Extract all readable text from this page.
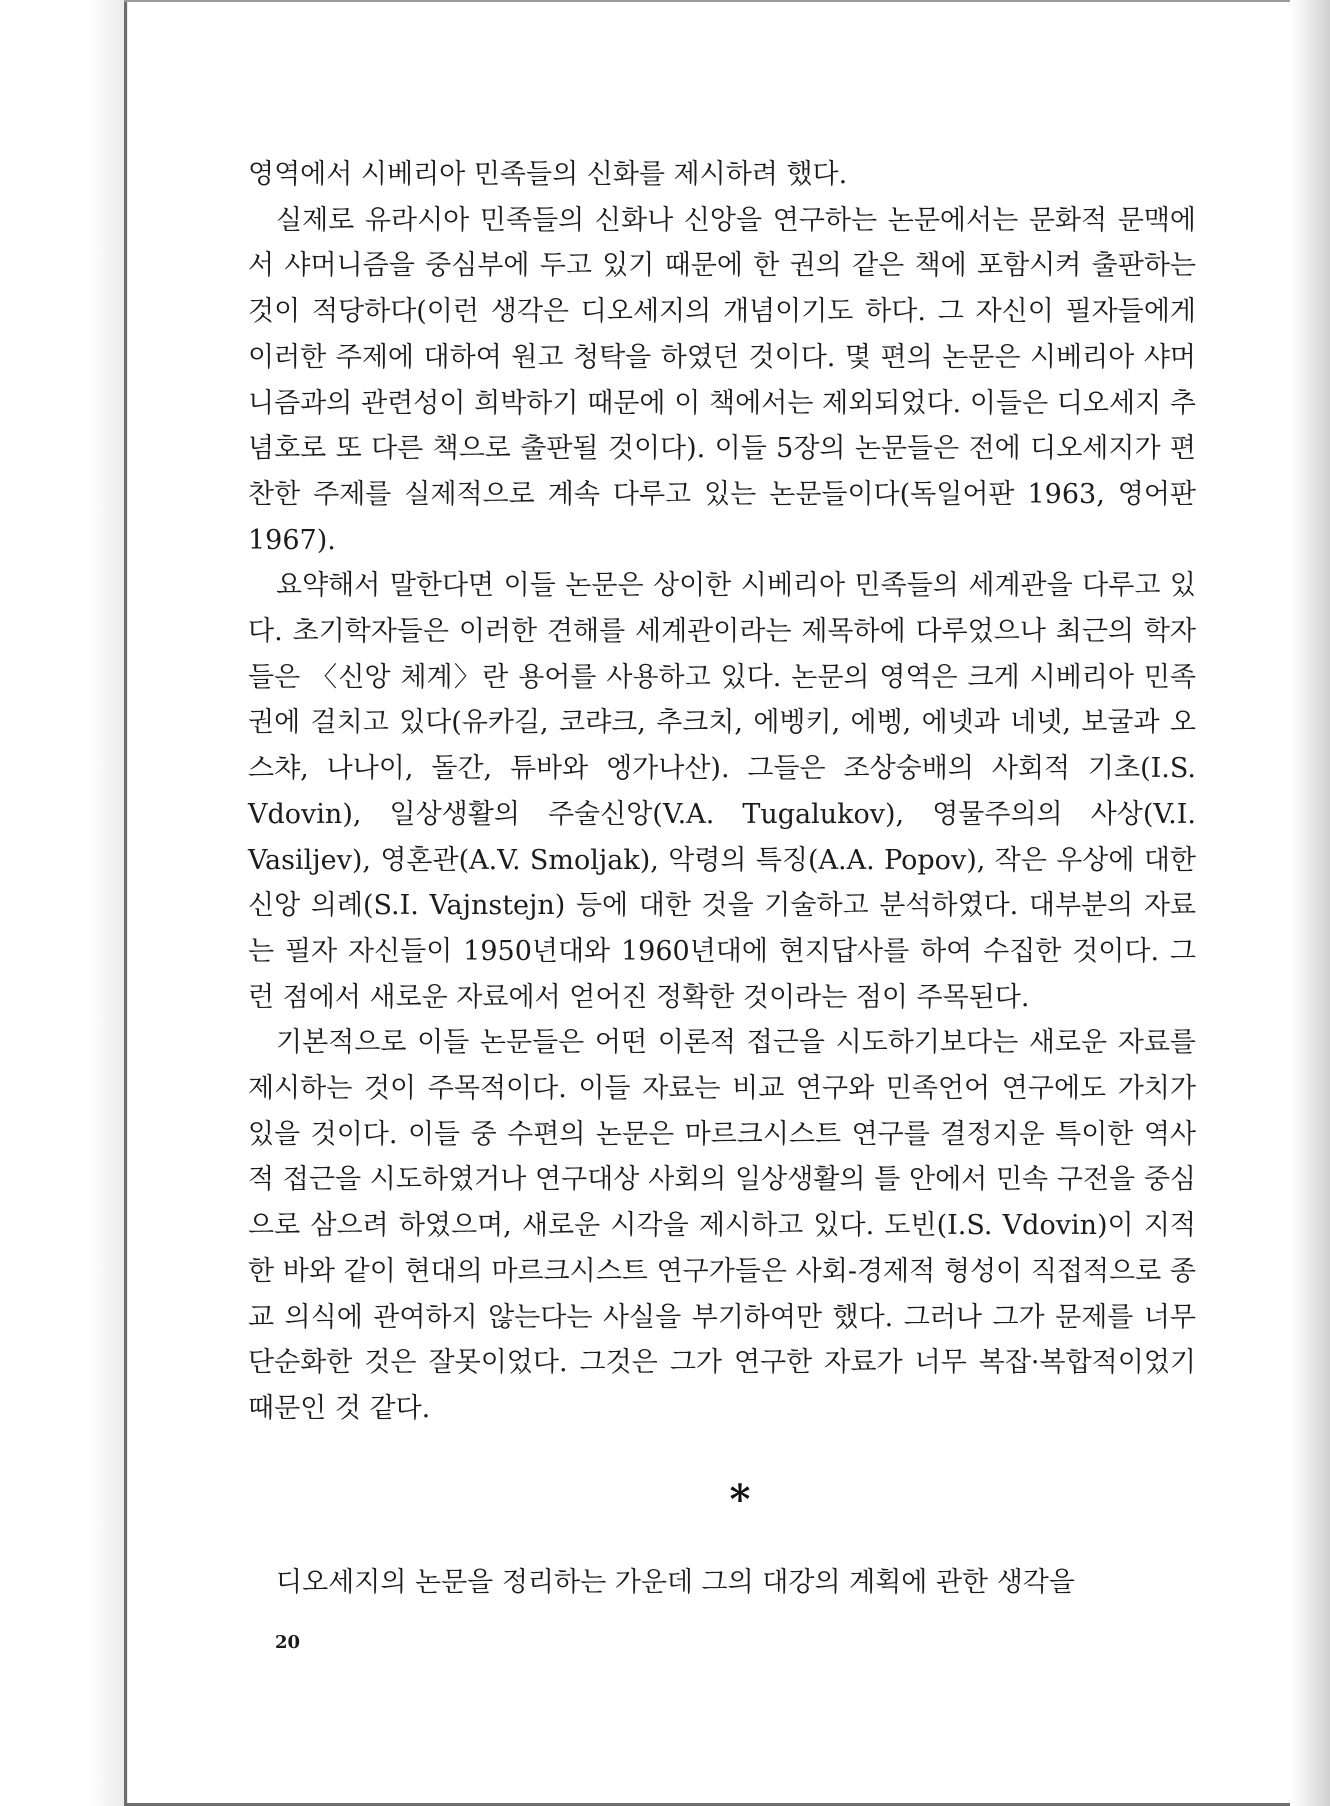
영역에서 시베리아 민족들의 신화를 제시하려 했다.

실제로 유라시아 민족들의 신화나 신앙을 연구하는 논문에서는 문화적 문맥에서 샤머니즘을 중심부에 두고 있기 때문에 한 권의 같은 책에 포함시켜 출판하는 것이 적당하다(이런 생각은 디오세지의 개념이기도 하다. 그 자신이 필자들에게 이러한 주제에 대하여 원고 청탁을 하였던 것이다. 몇 편의 논문은 시베리아 샤머니즘과의 관련성이 희박하기 때문에 이 책에서는 제외되었다. 이들은 디오세지 추념호로 또 다른 책으로 출판될 것이다). 이들 5장의 논문들은 전에 디오세지가 편찬한 주제를 실제적으로 계속 다루고 있는 논문들이다(독일어판 1963, 영어판 1967).

요약해서 말한다면 이들 논문은 상이한 시베리아 민족들의 세계관을 다루고 있다. 초기학자들은 이러한 견해를 세계관이라는 제목하에 다루었으나 최근의 학자들은 〈신앙 체계〉란 용어를 사용하고 있다. 논문의 영역은 크게 시베리아 민족권에 걸치고 있다(유카길, 코랴크, 추크치, 에벵키, 에벵, 에넷과 네넷, 보굴과 오스챠, 나나이, 돌간, 튜바와 엥가나산). 그들은 조상숭배의 사회적 기초(I.S. Vdovin), 일상생활의 주술신앙(V.A. Tugalukov), 영물주의의 사상(V.I. Vasiljev), 영혼관(A.V. Smoljak), 악령의 특징(A.A. Popov), 작은 우상에 대한 신앙 의례(S.I. Vajnstejn) 등에 대한 것을 기술하고 분석하였다. 대부분의 자료는 필자 자신들이 1950년대와 1960년대에 현지답사를 하여 수집한 것이다. 그런 점에서 새로운 자료에서 얻어진 정확한 것이라는 점이 주목된다.

기본적으로 이들 논문들은 어떤 이론적 접근을 시도하기보다는 새로운 자료를 제시하는 것이 주목적이다. 이들 자료는 비교 연구와 민족언어 연구에도 가치가 있을 것이다. 이들 중 수편의 논문은 마르크시스트 연구를 결정지운 특이한 역사적 접근을 시도하였거나 연구대상 사회의 일상생활의 틀 안에서 민속 구전을 중심으로 삼으려 하였으며, 새로운 시각을 제시하고 있다. 도빈(I.S. Vdovin)이 지적한 바와 같이 현대의 마르크시스트 연구가들은 사회-경제적 형성이 직접적으로 종교 의식에 관여하지 않는다는 사실을 부기하여만 했다. 그러나 그가 문제를 너무 단순화한 것은 잘못이었다. 그것은 그가 연구한 자료가 너무 복잡·복합적이었기 때문인 것 같다.

*
디오세지의 논문을 정리하는 가운데 그의 대강의 계획에 관한 생각을
20
